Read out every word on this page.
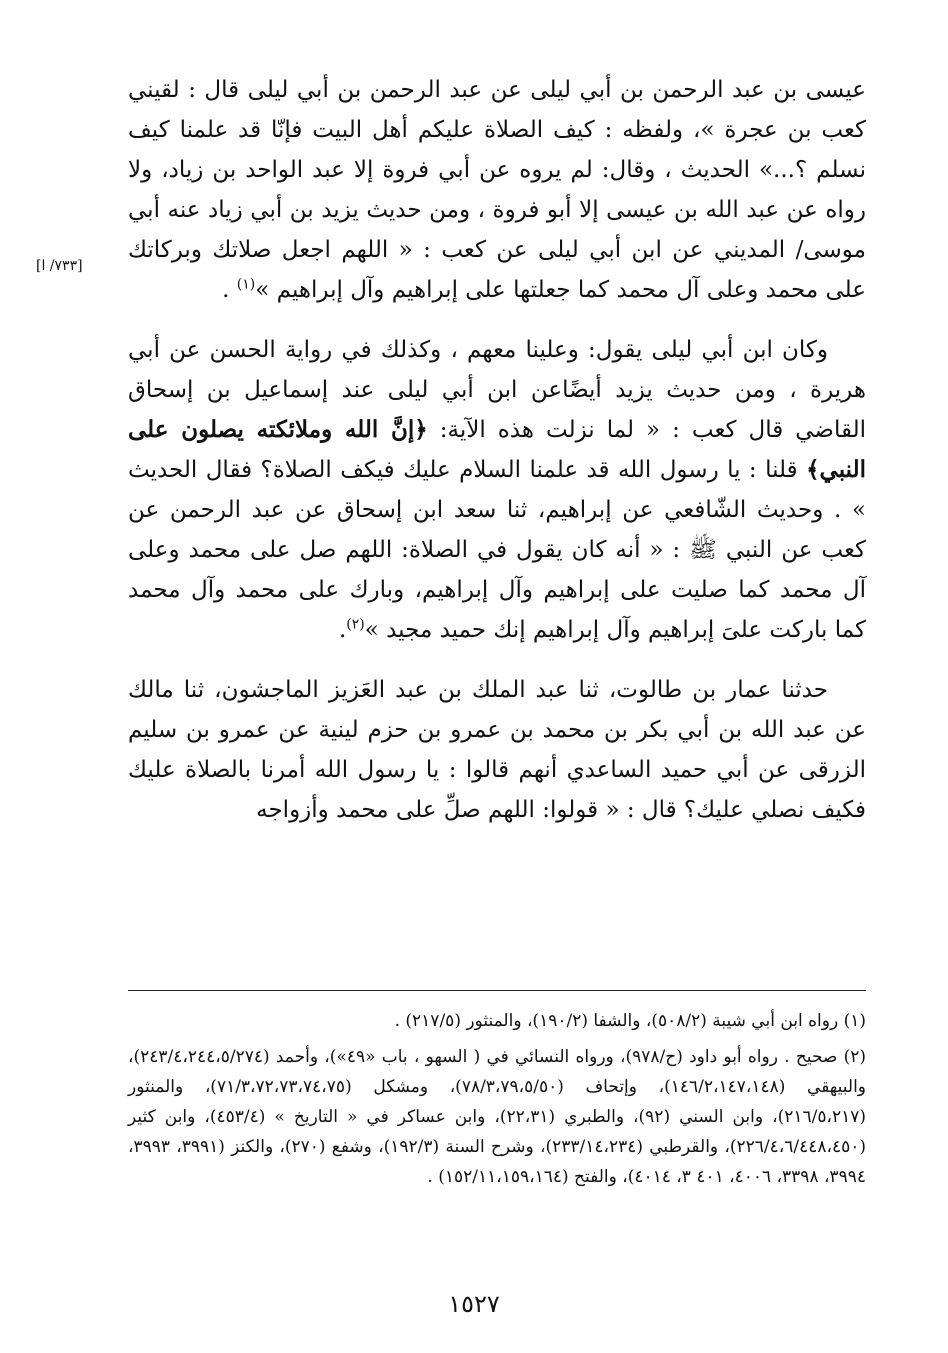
[٧٣٣/ ا]

عيسى بن عبد الرحمن بن أبي ليلى عن عبد الرحمن بن أبي ليلى قال : لقيني كعب بن عجرة »، ولفظه : كيف الصلاة عليكم أهل البيت فإنّا قد علمنا كيف نسلم ؟...» الحديث ، وقال: لم يروه عن أبي فروة إلا عبد الواحد بن زياد، ولا رواه عن عبد الله بن عيسى إلا أبو فروة ، ومن حديث يزيد بن أبي زياد عنه أبي موسى/ المديني عن ابن أبي ليلى عن كعب : « اللهم اجعل صلاتك وبركاتك على محمد وعلى آل محمد كما جعلتها على إبراهيم وآل إبراهيم »$^{(١)}$ .

وكان ابن أبي ليلى يقول: وعلينا معهم ، وكذلك في رواية الحسن عن أبي هريرة ، ومن حديث يزيد أيضًاعن ابن أبي ليلى عند إسماعيل بن إسحاق القاضي قال كعب : « لما نزلت هذه الآية: ﴿إنَّ الله وملائكته يصلون على النبي﴾ قلنا : يا رسول الله قد علمنا السلام عليك فيكف الصلاة؟ فقال الحديث » . وحديث الشّافعي عن إبراهيم، ثنا سعد ابن إسحاق عن عبد الرحمن عن كعب عن النبي ﷺ : « أنه كان يقول في الصلاة: اللهم صل على محمد وعلى آل محمد كما صليت على إبراهيم وآل إبراهيم، وبارك على محمد وآل محمد كما باركت علىَ إبراهيم وآل إبراهيم إنك حميد مجيد »$^{(٢)}$.

حدثنا عمار بن طالوت، ثنا عبد الملك بن عبد العَزيز الماجشون، ثنا مالك عن عبد الله بن أبي بكر بن محمد بن عمرو بن حزم لينية عن عمرو بن سليم الزرقى عن أبي حميد الساعدي أنهم قالوا : يا رسول الله أمرنا بالصلاة عليك فكيف نصلي عليك؟ قال : « قولوا: اللهم صلِّ على محمد وأزواجه

(١) رواه ابن أبي شيبة (٥٠٨/٢)، والشفا (١٩٠/٢)، والمنثور (٢١٧/٥) .

(٢) صحيح . رواه أبو داود (ح/٩٧٨)، ورواه النسائي في ( السهو ، باب «٤٩»)، وأحمد (٢٤٣/٤،٢٤٤،٥/٢٧٤)، والبيهقي (١٤٦/٢،١٤٧،١٤٨)، وإتحاف (٧٨/٣،٧٩،٥/٥٠)، ومشكل (٧١/٣،٧٢،٧٣،٧٤،٧٥)، والمنثور (٢١٦/٥،٢١٧)، وابن السني (٩٢)، والطبري (٢٢،٣١)، وابن عساكر في « التاريخ » (٤٥٣/٤)، وابن كثير (٢٢٦/٤،٦/٤٤٨،٤٥٠)، والقرطبي (٢٣٣/١٤،٢٣٤)، وشرح السنة (١٩٢/٣)، وشفع (٢٧٠)، والكنز (٣٩٩١، ٣٩٩٣، ٣٩٩٤، ٣٣٩٨، ٤٠٠٦، ٤٠١ ٣، ٤٠١٤)، والفتح (١٥٢/١١،١٥٩،١٦٤) .

١٥٢٧
